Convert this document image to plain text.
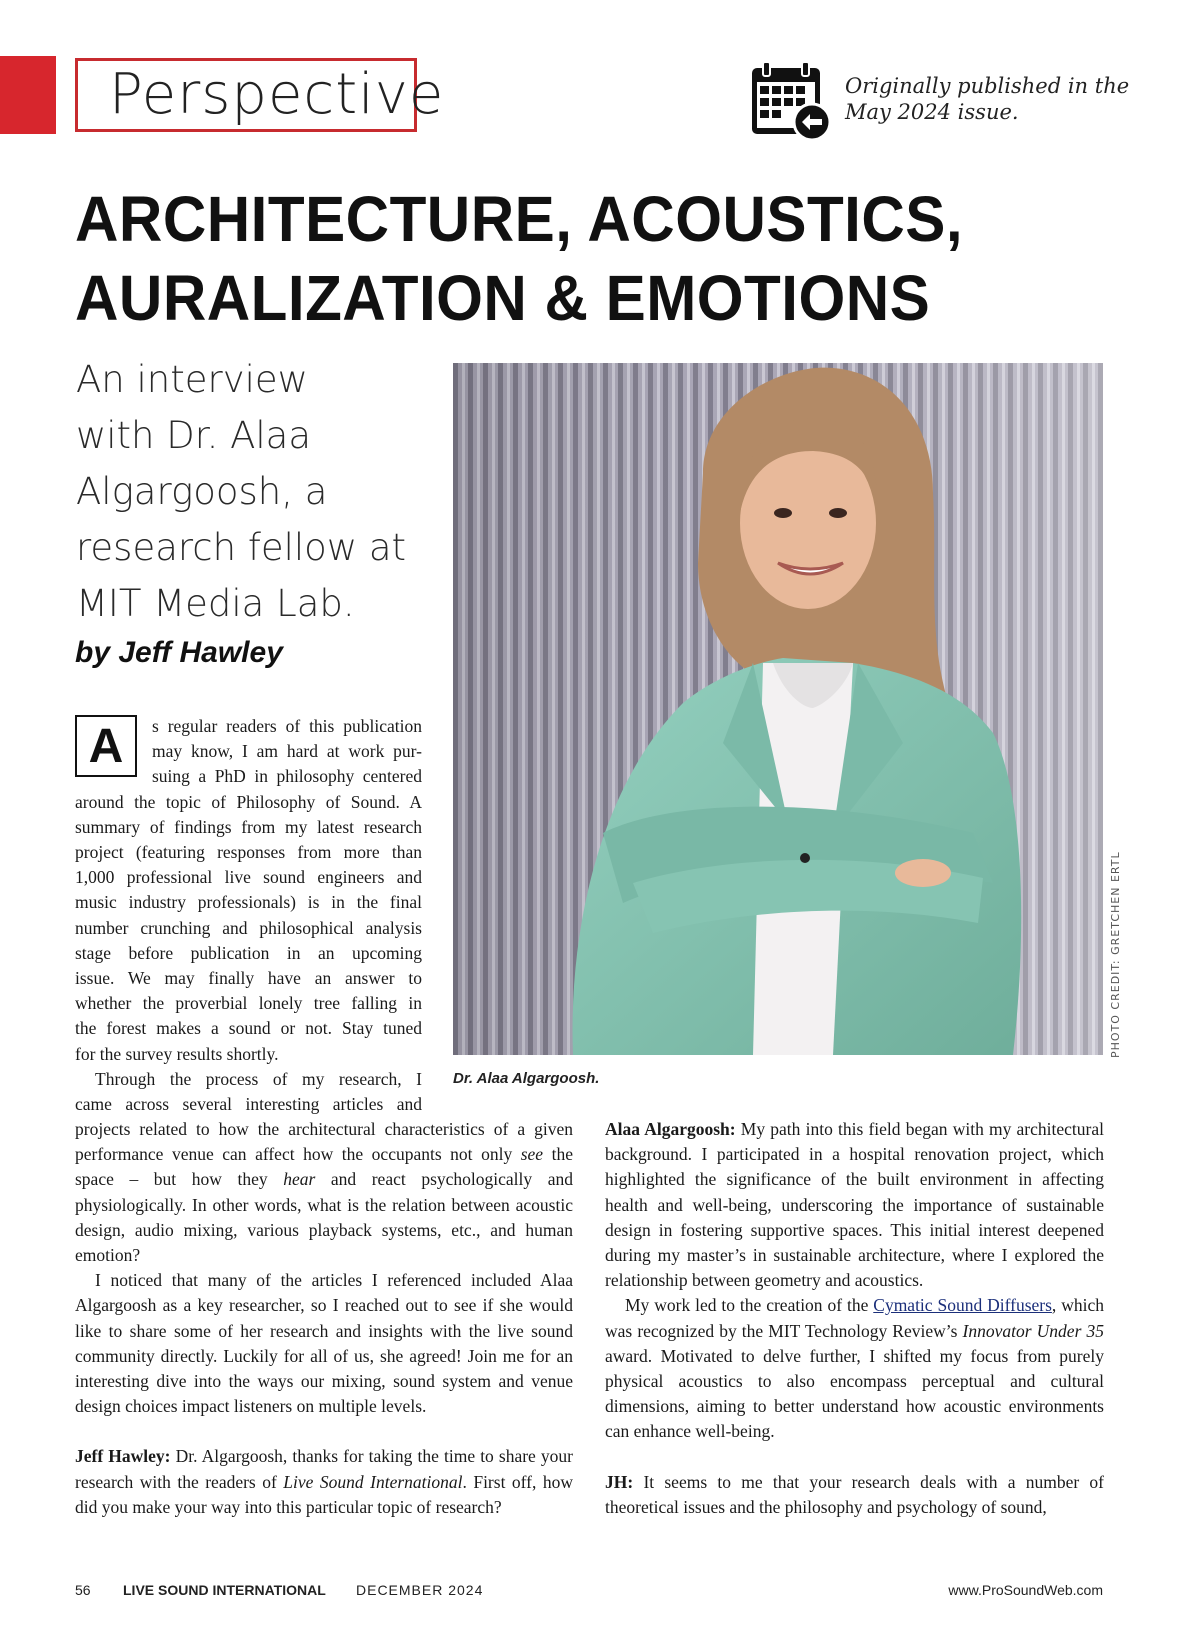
Perspective	Originally published in the
May 2024 issue.
ARCHITECTURE, ACOUSTICS,
AURALIZATION & EMOTIONS
An interview
with Dr. Alaa
Algargoosh, a
research fellow at
MIT Media Lab.
by Jeff Hawley
PHOTO CREDIT: GRETCHEN ERTL
Dr. Alaa Algargoosh.
s regular readers of this publication
may know, I am hard at work pur-
suing a PhD in philosophy centered
around the topic of Philosophy of Sound. A
summary of findings from my latest research
project (featuring responses from more than
1,000 professional live sound engineers and
music industry professionals) is in the final
number crunching and philosophical analysis
stage before publication in an upcoming
issue. We may finally have an answer to
whether the proverbial lonely tree falling in
the forest makes a sound or not. Stay tuned
for the survey results shortly.
Through the process of my research, I
came across several interesting articles and
A

projects related to how the architectural characteristics of a given performance venue can affect how the occupants not only see the space – but how they hear and react psychologically and physiologically. In other words, what is the relation between acoustic design, audio mixing, various playback systems, etc., and human emotion?

I noticed that many of the articles I referenced included Alaa Algargoosh as a key researcher, so I reached out to see if she would like to share some of her research and insights with the live sound community directly. Luckily for all of us, she agreed! Join me for an interesting dive into the ways our mixing, sound system and venue design choices impact listeners on multiple levels.

Jeff Hawley: Dr. Algargoosh, thanks for taking the time to share your research with the readers of Live Sound International. First off, how did you make your way into this particular topic of research?

Alaa Algargoosh: My path into this field began with my architectural background. I participated in a hospital renovation project, which highlighted the significance of the built environment in affecting health and well-being, underscoring the importance of sustainable design in fostering supportive spaces. This initial interest deepened during my master’s in sustainable architecture, where I explored the relationship between geometry and acoustics.

My work led to the creation of the Cymatic Sound Diffusers, which was recognized by the MIT Technology Review’s Innovator Under 35 award. Motivated to delve further, I shifted my focus from purely physical acoustics to also encompass perceptual and cultural dimensions, aiming to better understand how acoustic environments can enhance well-being.

JH: It seems to me that your research deals with a number of theoretical issues and the philosophy and psychology of sound,

56 LIVE SOUND INTERNATIONAL DECEMBER 2024	www.ProSoundWeb.com
